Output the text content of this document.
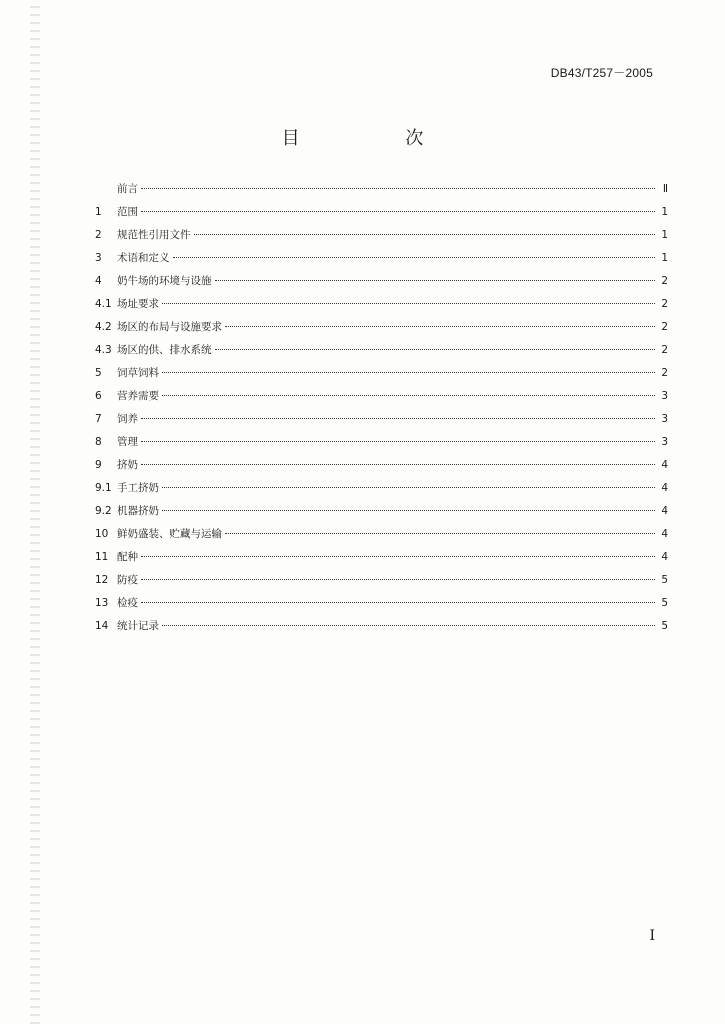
DB43/T257－2005
目 次
前言	Ⅱ
1	范围	1
2	规范性引用文件	1
3	术语和定义	1
4	奶牛场的环境与设施	2
4.1 场址要求	2
4.2 场区的布局与设施要求	2
4.3 场区的供、排水系统	2
5	饲草饲料	2
6	营养需要	3
7	饲养	3
8	管理	3
9	挤奶	4
9.1 手工挤奶	4
9.2 机器挤奶	4
10 鲜奶盛装、贮藏与运输	4
11 配种	4
12 防疫	5
13 检疫	5
14 统计记录	5
I
